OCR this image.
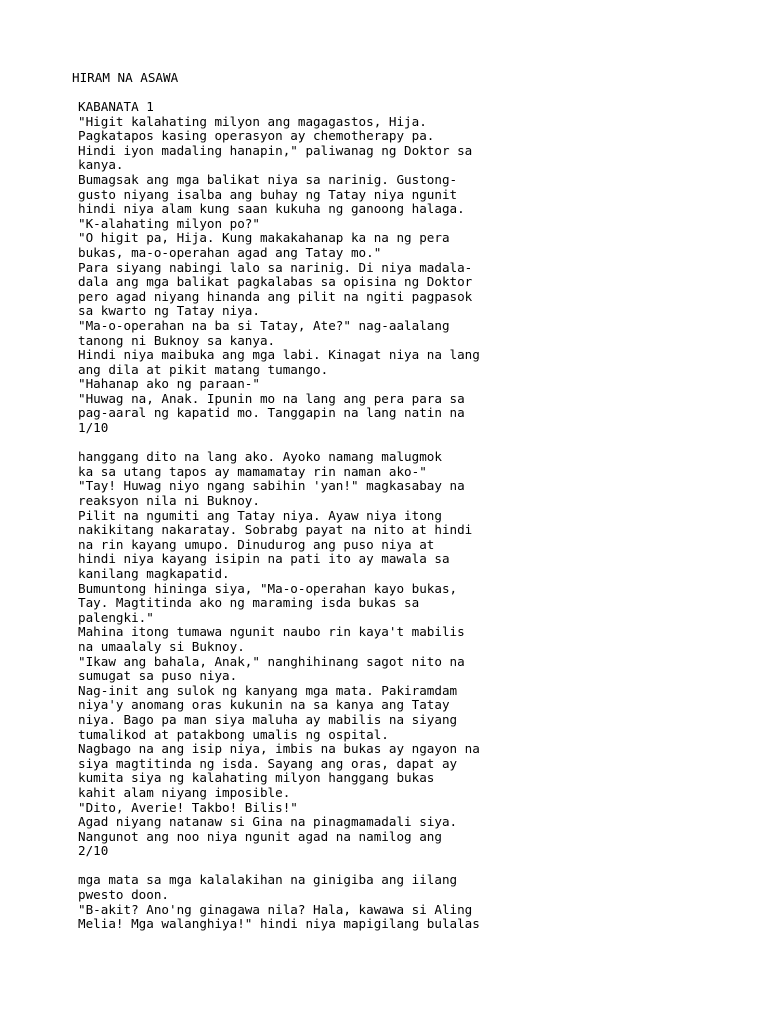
HIRAM NA ASAWA
KABANATA 1
"Higit kalahating milyon ang magagastos, Hija.
Pagkatapos kasing operasyon ay chemotherapy pa.
Hindi iyon madaling hanapin," paliwanag ng Doktor sa
kanya.
Bumagsak ang mga balikat niya sa narinig. Gustong-
gusto niyang isalba ang buhay ng Tatay niya ngunit
hindi niya alam kung saan kukuha ng ganoong halaga.
"K-alahating milyon po?"
"O higit pa, Hija. Kung makakahanap ka na ng pera
bukas, ma-o-operahan agad ang Tatay mo."
Para siyang nabingi lalo sa narinig. Di niya madala-
dala ang mga balikat pagkalabas sa opisina ng Doktor
pero agad niyang hinanda ang pilit na ngiti pagpasok
sa kwarto ng Tatay niya.
"Ma-o-operahan na ba si Tatay, Ate?" nag-aalalang
tanong ni Buknoy sa kanya.
Hindi niya maibuka ang mga labi. Kinagat niya na lang
ang dila at pikit matang tumango.
"Hahanap ako ng paraan-"
"Huwag na, Anak. Ipunin mo na lang ang pera para sa
pag-aaral ng kapatid mo. Tanggapin na lang natin na
1/10
hanggang dito na lang ako. Ayoko namang malugmok
ka sa utang tapos ay mamamatay rin naman ako-"
"Tay! Huwag niyo ngang sabihin 'yan!" magkasabay na
reaksyon nila ni Buknoy.
Pilit na ngumiti ang Tatay niya. Ayaw niya itong
nakikitang nakaratay. Sobrabg payat na nito at hindi
na rin kayang umupo. Dinudurog ang puso niya at
hindi niya kayang isipin na pati ito ay mawala sa
kanilang magkapatid.
Bumuntong hininga siya, "Ma-o-operahan kayo bukas,
Tay. Magtitinda ako ng maraming isda bukas sa
palengki."
Mahina itong tumawa ngunit naubo rin kaya't mabilis
na umaalaly si Buknoy.
"Ikaw ang bahala, Anak," nanghihinang sagot nito na
sumugat sa puso niya.
Nag-init ang sulok ng kanyang mga mata. Pakiramdam
niya'y anomang oras kukunin na sa kanya ang Tatay
niya. Bago pa man siya maluha ay mabilis na siyang
tumalikod at patakbong umalis ng ospital.
Nagbago na ang isip niya, imbis na bukas ay ngayon na
siya magtitinda ng isda. Sayang ang oras, dapat ay
kumita siya ng kalahating milyon hanggang bukas
kahit alam niyang imposible.
"Dito, Averie! Takbo! Bilis!"
Agad niyang natanaw si Gina na pinagmamadali siya.
Nangunot ang noo niya ngunit agad na namilog ang
2/10
mga mata sa mga kalalakihan na ginigiba ang iilang
pwesto doon.
"B-akit? Ano'ng ginagawa nila? Hala, kawawa si Aling
Melia! Mga walanghiya!" hindi niya mapigilang bulalas
